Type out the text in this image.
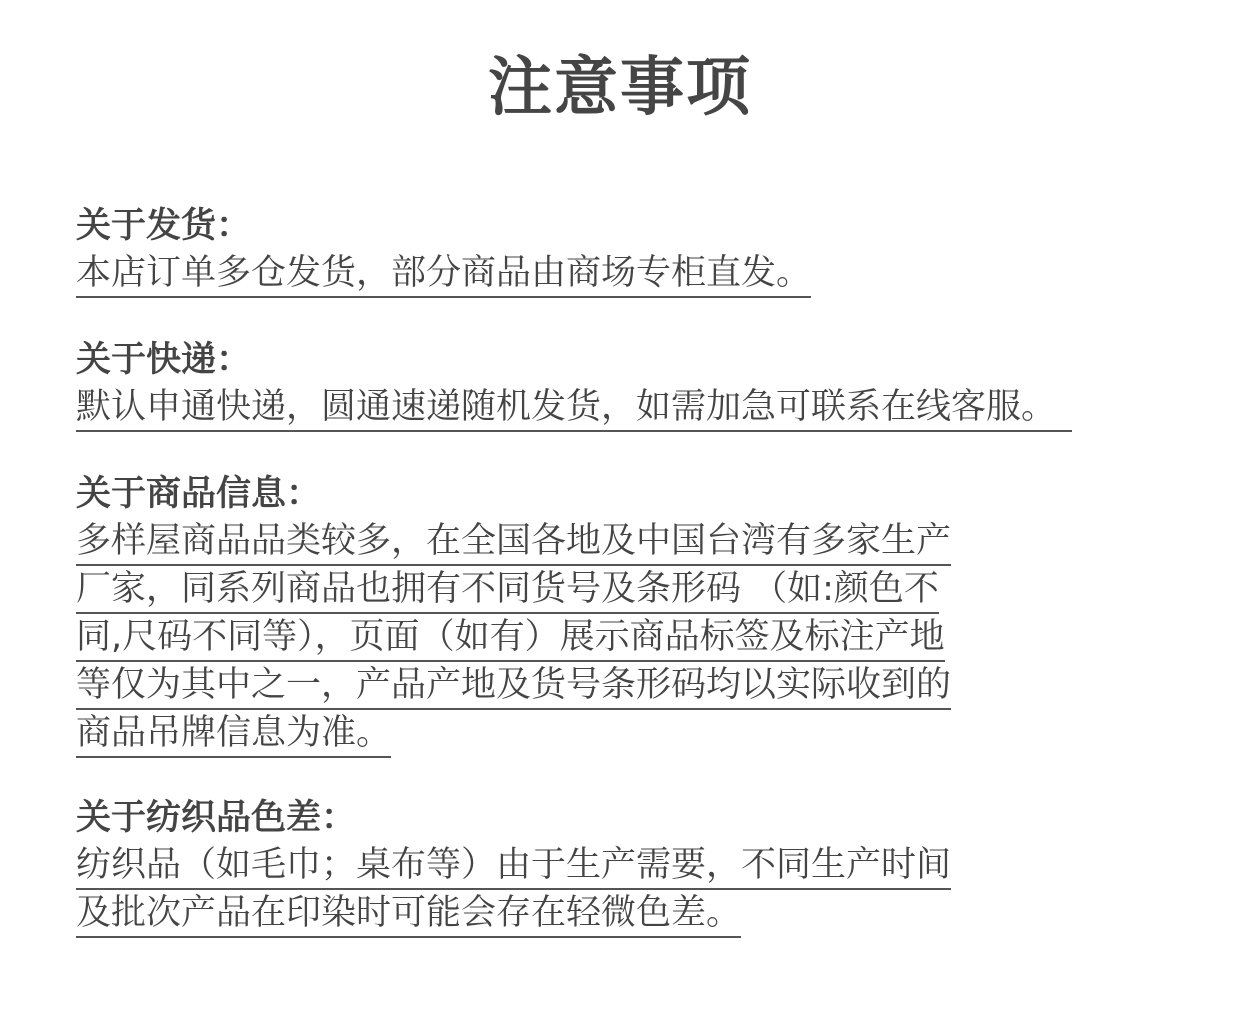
注意事项
关于发货：
本店订单多仓发货，部分商品由商场专柜直发。
关于快递：
默认申通快递，圆通速递随机发货，如需加急可联系在线客服。
关于商品信息：
多样屋商品品类较多，在全国各地及中国台湾有多家生产
厂家，同系列商品也拥有不同货号及条形码 （如:颜色不
同,尺码不同等），页面（如有）展示商品标签及标注产地
等仅为其中之一，产品产地及货号条形码均以实际收到的
商品吊牌信息为准。
关于纺织品色差：
纺织品（如毛巾；桌布等）由于生产需要，不同生产时间
及批次产品在印染时可能会存在轻微色差。
